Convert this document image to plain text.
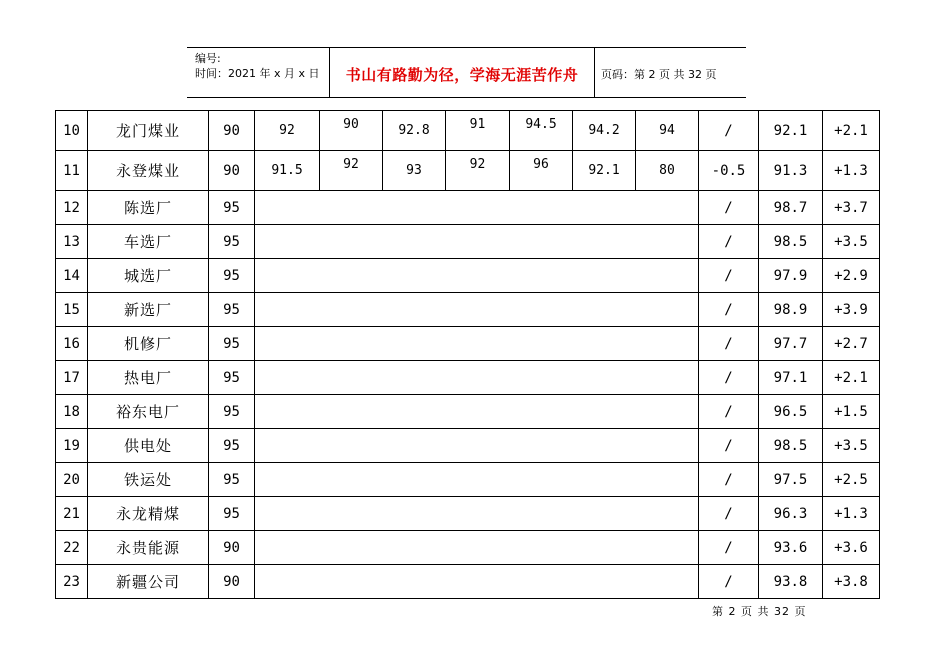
编号:
时间：2021 年 x 月 x 日	书山有路勤为径，学海无涯苦作舟	页码：第 2 页 共 32 页
10	龙门煤业	90	92	90	92.8	91	94.5	94.2	94	/	92.1	+2.1
11	永登煤业	90	91.5	92	93	92	96	92.1	80	-0.5	91.3	+1.3
12	陈选厂	95								/	98.7	+3.7
13	车选厂	95								/	98.5	+3.5
14	城选厂	95								/	97.9	+2.9
15	新选厂	95								/	98.9	+3.9
16	机修厂	95								/	97.7	+2.7
17	热电厂	95								/	97.1	+2.1
18	裕东电厂	95								/	96.5	+1.5
19	供电处	95								/	98.5	+3.5
20	铁运处	95								/	97.5	+2.5
21	永龙精煤	95								/	96.3	+1.3
22	永贵能源	90								/	93.6	+3.6
23	新疆公司	90								/	93.8	+3.8
第 2 页 共 32 页
